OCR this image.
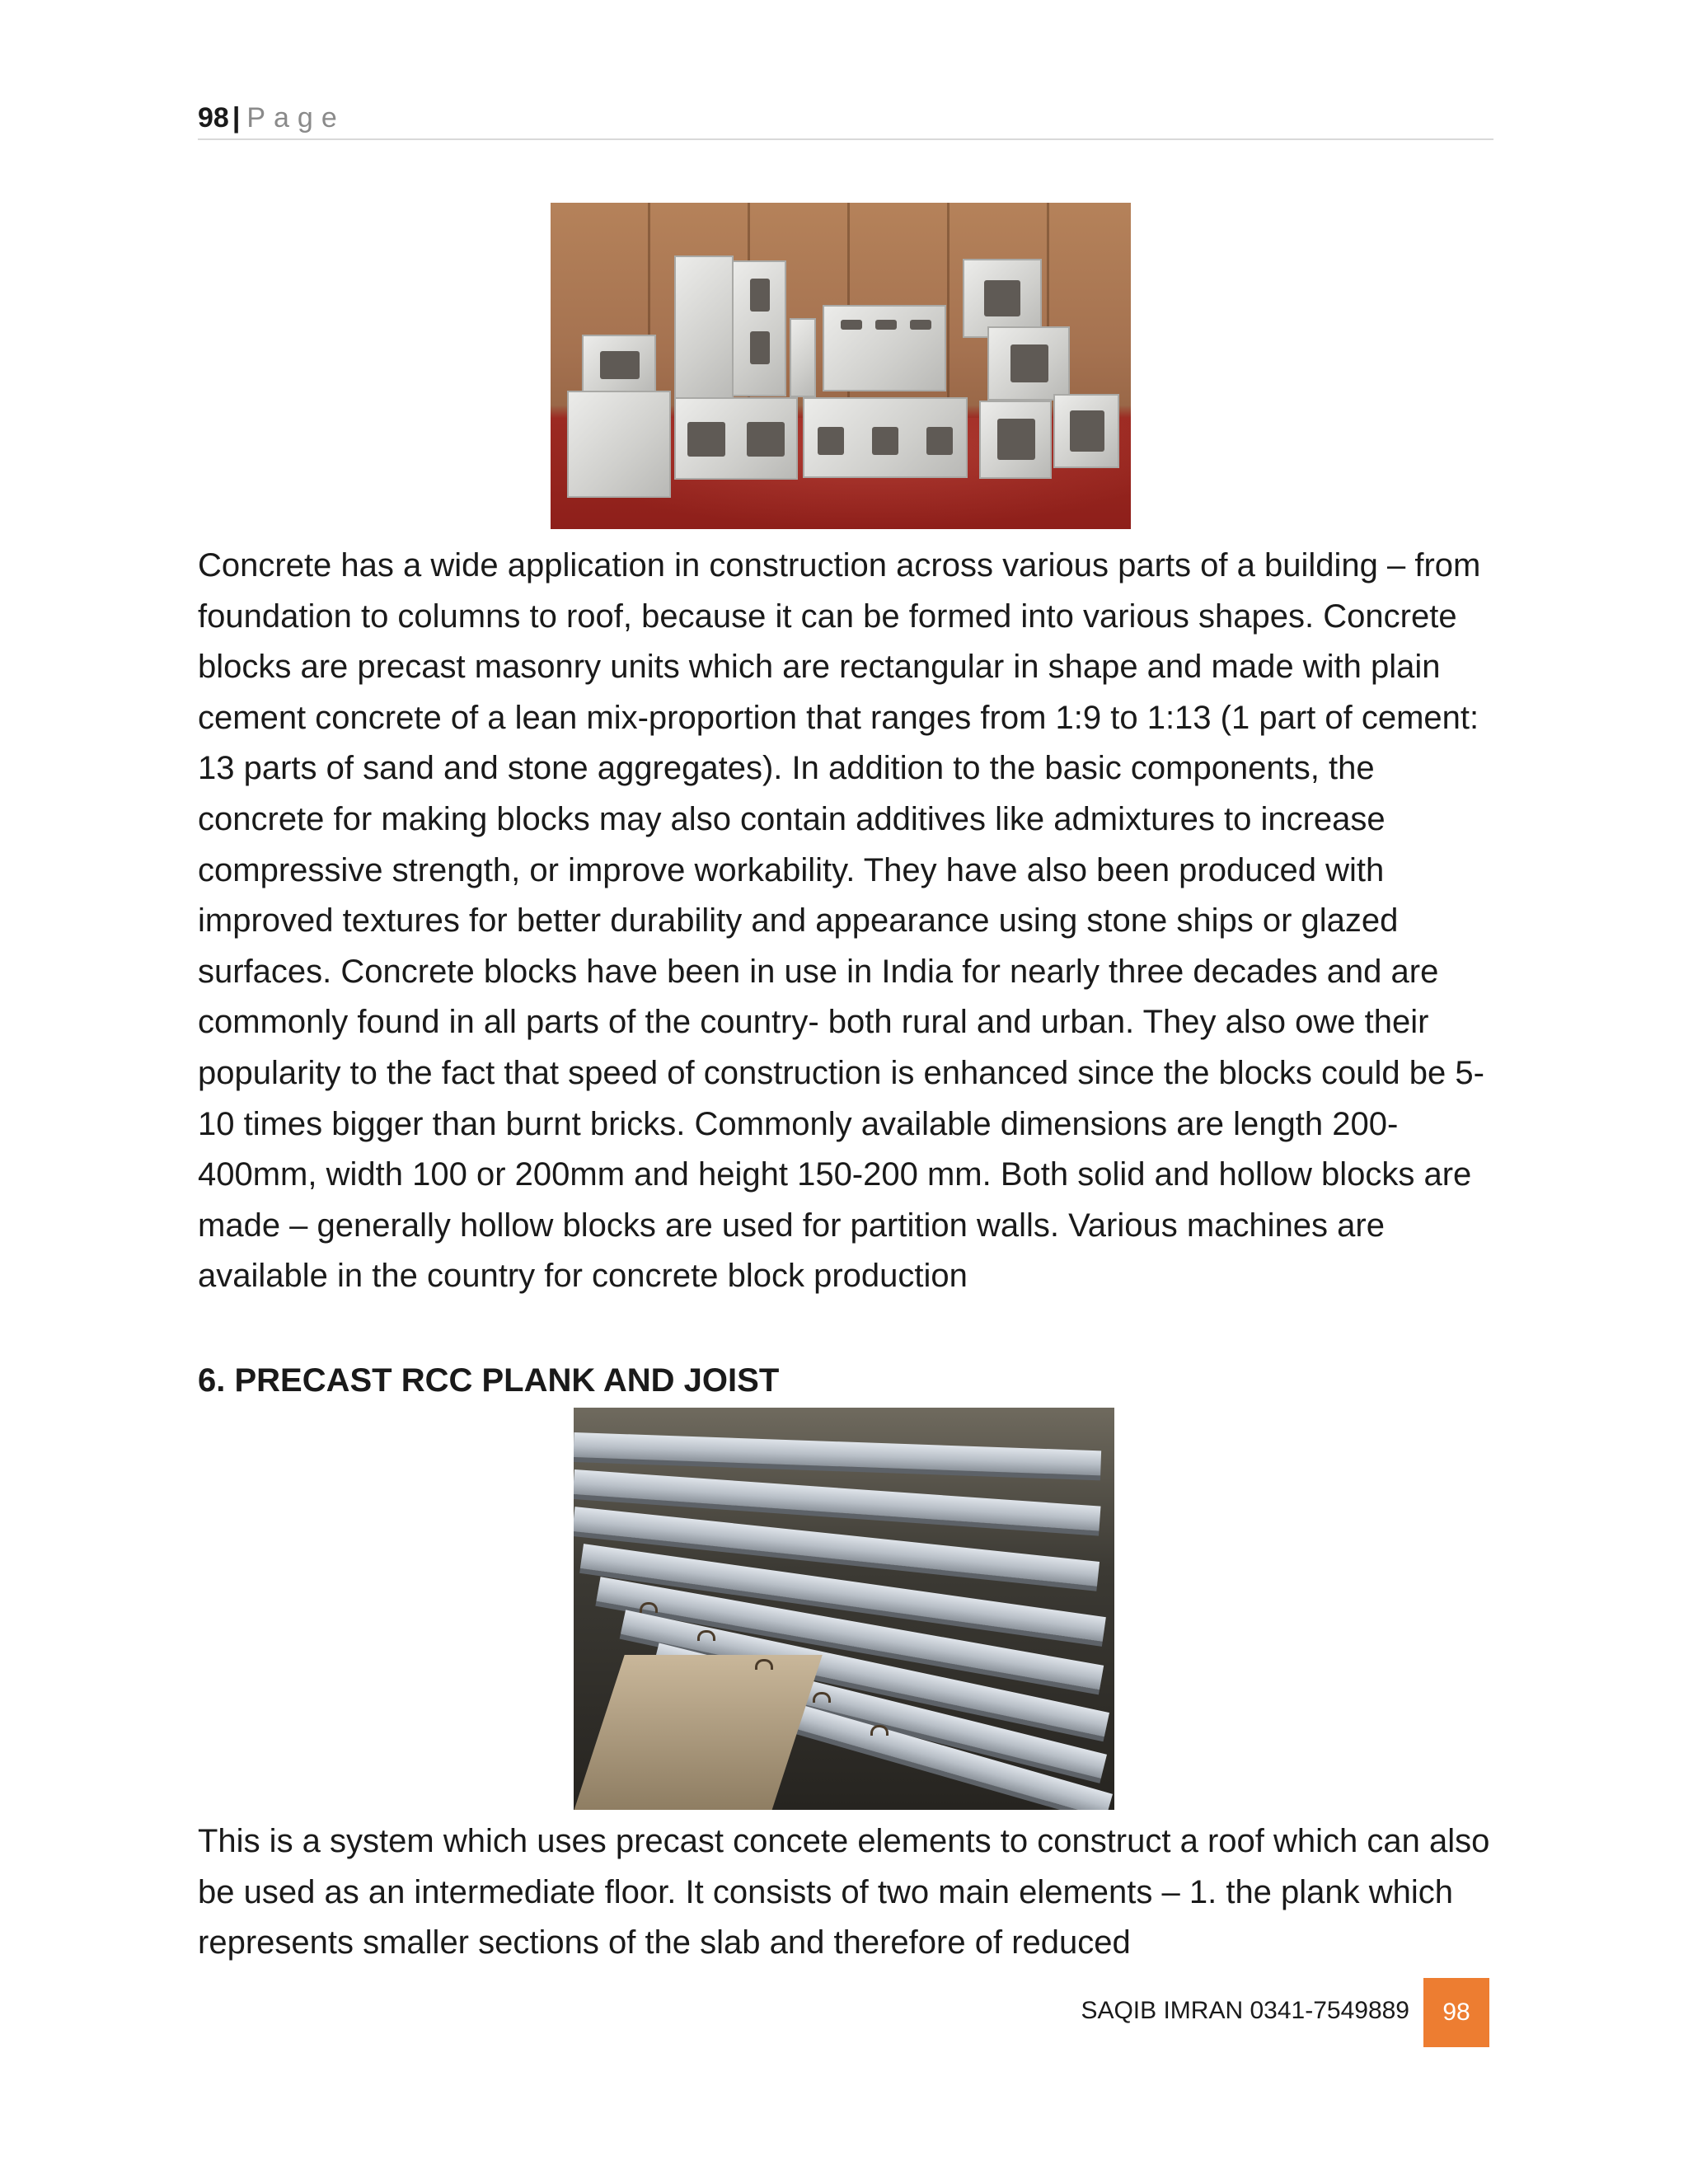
98 | Page

Concrete has a wide application in construction across various parts of a building – from foundation to columns to roof, because it can be formed into various shapes. Concrete blocks are precast masonry units which are rectangular in shape and made with plain cement concrete of a lean mix-proportion that ranges from 1:9 to 1:13 (1 part of cement: 13 parts of sand and stone aggregates). In addition to the basic components, the concrete for making blocks may also contain additives like admixtures to increase compressive strength, or improve workability. They have also been produced with improved textures for better durability and appearance using stone ships or glazed surfaces. Concrete blocks have been in use in India for nearly three decades and are commonly found in all parts of the country- both rural and urban. They also owe their popularity to the fact that speed of construction is enhanced since the blocks could be 5-10 times bigger than burnt bricks. Commonly available dimensions are length 200-400mm, width 100 or 200mm and height 150-200 mm. Both solid and hollow blocks are made – generally hollow blocks are used for partition walls. Various machines are available in the country for concrete block production

6. PRECAST RCC PLANK AND JOIST

This is a system which uses precast concete elements to construct a roof which can also be used as an intermediate floor. It consists of two main elements – 1. the plank which represents smaller sections of the slab and therefore of reduced

SAQIB IMRAN 0341-7549889	98
